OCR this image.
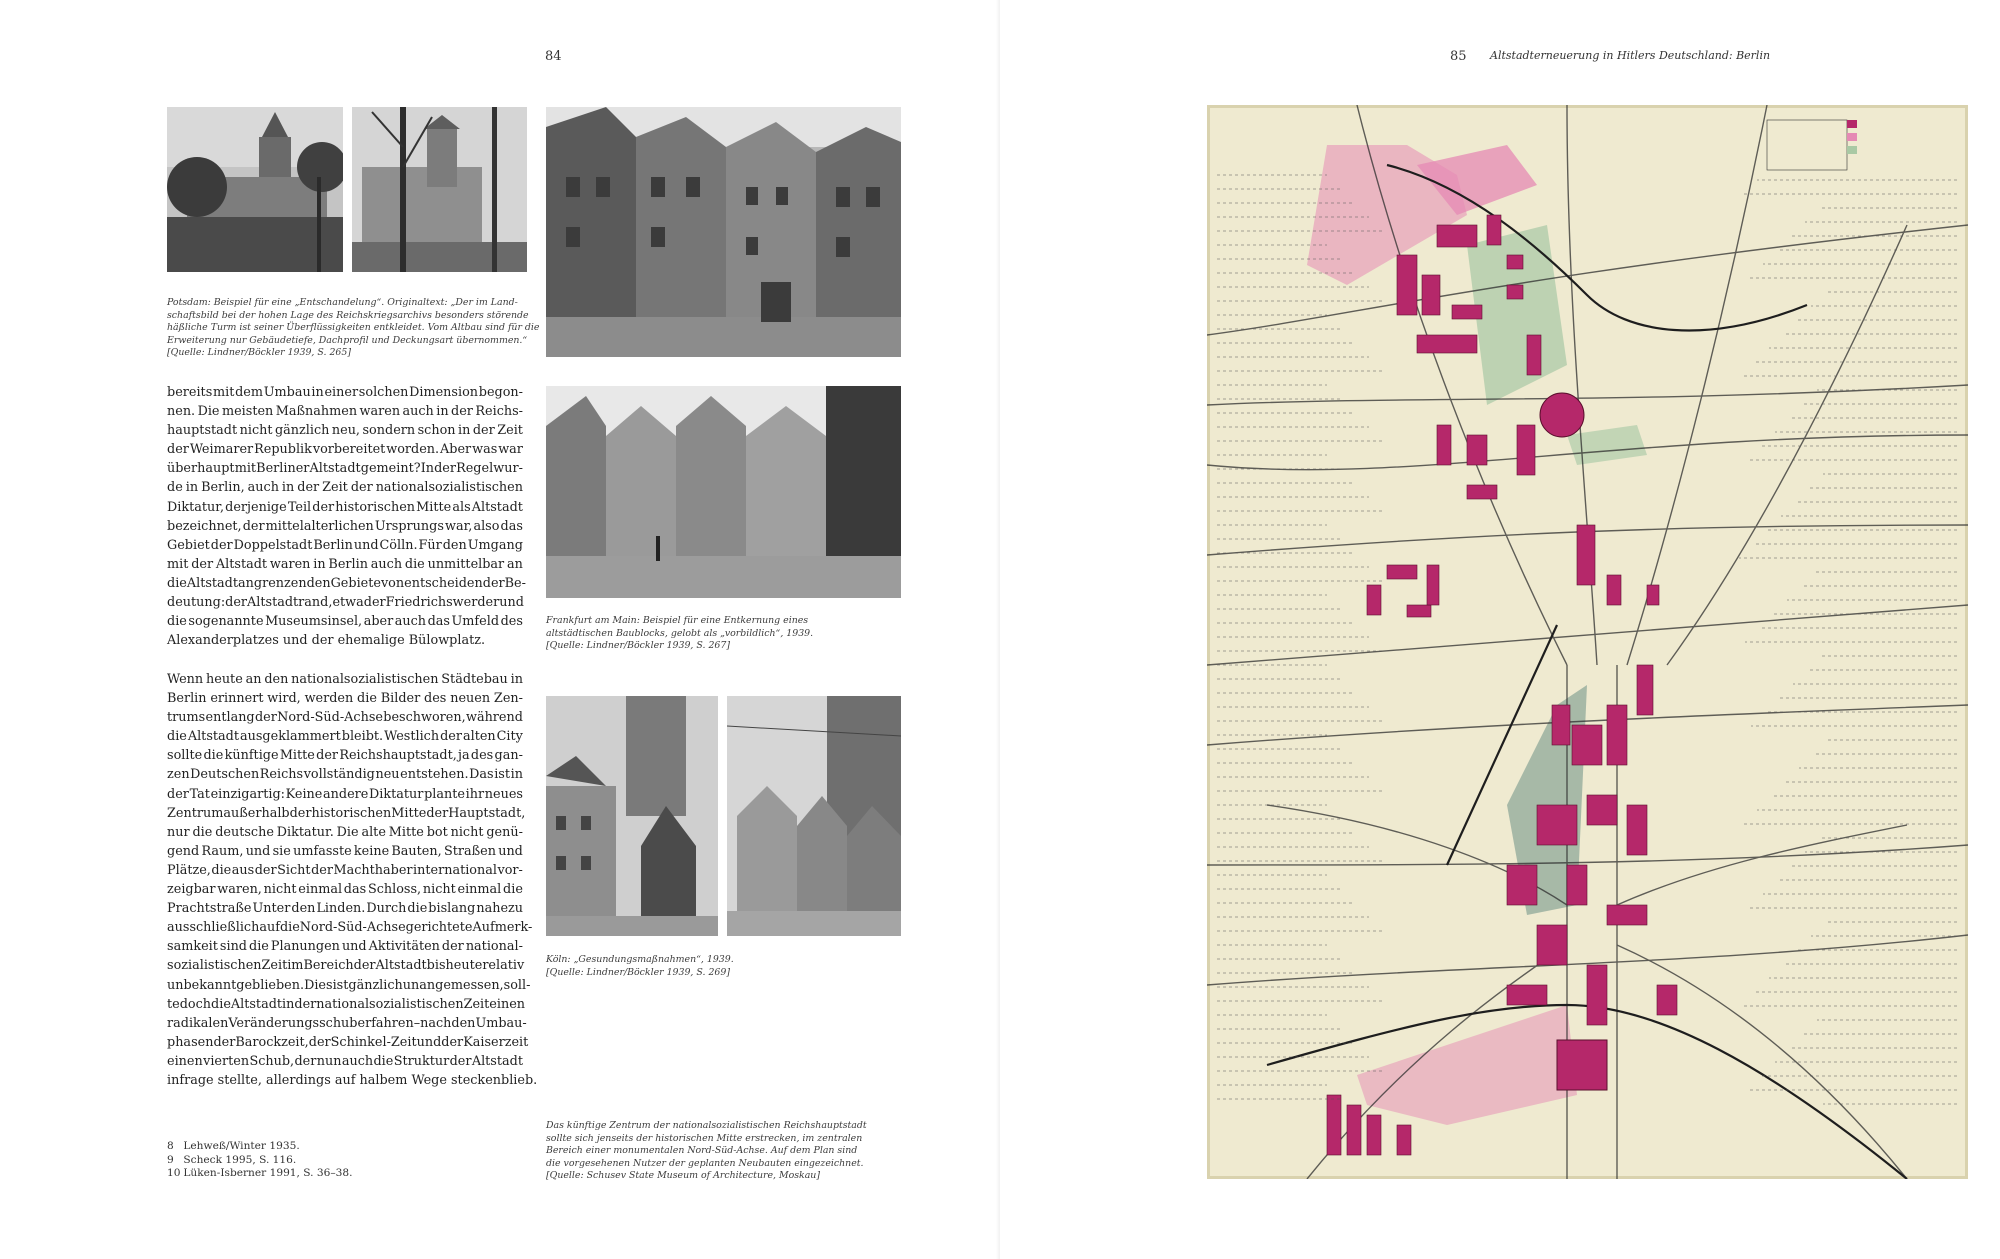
84
Potsdam: Beispiel für eine „Entschandelung“. Originaltext: „Der im Land-
schaftsbild bei der hohen Lage des Reichskriegsarchivs besonders störende
häßliche Turm ist seiner Überflüssigkeiten entkleidet. Vom Altbau sind für die
Erweiterung nur Gebäudetiefe, Dachprofil und Deckungsart übernommen.“
[Quelle: Lindner/Böckler 1939, S. 265]
Frankfurt am Main: Beispiel für eine Entkernung eines
altstädtischen Baublocks, gelobt als „vorbildlich“, 1939.
[Quelle: Lindner/Böckler 1939, S. 267]
Köln: „Gesundungsmaßnahmen“, 1939.
[Quelle: Lindner/Böckler 1939, S. 269]
Das künftige Zentrum der nationalsozialistischen Reichshauptstadt
sollte sich jenseits der historischen Mitte erstrecken, im zentralen
Bereich einer monumentalen Nord-Süd-Achse. Auf dem Plan sind
die vorgesehenen Nutzer der geplanten Neubauten eingezeichnet.
[Quelle: Schusev State Museum of Architecture, Moskau]
bereits mit dem Umbau in einer solchen Dimension begon-
nen. Die meisten Maßnahmen waren auch in der Reichs-
hauptstadt nicht gänzlich neu, sondern schon in der Zeit
der Weimarer Republik vorbereitet worden. Aber was war
überhaupt mit Berliner Altstadt gemeint? In der Regel wur-
de in Berlin, auch in der Zeit der nationalsozialistischen
Diktatur, derjenige Teil der historischen Mitte als Altstadt
bezeichnet, der mittelalterlichen Ursprungs war, also das
Gebiet der Doppelstadt Berlin und Cölln. Für den Umgang
mit der Altstadt waren in Berlin auch die unmittelbar an
die Altstadt angrenzenden Gebiete von entscheidender Be-
deutung: der Altstadtrand, etwa der Friedrichswerder und
die sogenannte Museumsinsel, aber auch das Umfeld des
Alexanderplatzes und der ehemalige Bülowplatz.
Wenn heute an den nationalsozialistischen Städtebau in
Berlin erinnert wird, werden die Bilder des neuen Zen-
trums entlang der Nord-Süd-Achse beschworen, während
die Altstadt ausgeklammert bleibt. Westlich der alten City
sollte die künftige Mitte der Reichshauptstadt, ja des gan-
zen Deutschen Reichs vollständig neu entstehen. Das ist in
der Tat einzigartig: Keine andere Diktatur plante ihr neues
Zentrum außerhalb der historischen Mitte der Hauptstadt,
nur die deutsche Diktatur. Die alte Mitte bot nicht genü-
gend Raum, und sie umfasste keine Bauten, Straßen und
Plätze, die aus der Sicht der Machthaber international vor-
zeigbar waren, nicht einmal das Schloss, nicht einmal die
Prachtstraße Unter den Linden. Durch die bislang nahezu
ausschließlich auf die Nord-Süd-Achse gerichtete Aufmerk-
samkeit sind die Planungen und Aktivitäten der national-
sozialistischen Zeit im Bereich der Altstadt bis heute relativ
unbekannt geblieben. Dies ist gänzlich unangemessen, soll-
te doch die Altstadt in der nationalsozialistischen Zeit einen
radikalen Veränderungsschub erfahren – nach den Umbau-
phasen der Barockzeit, der Schinkel-Zeit und der Kaiserzeit
einen vierten Schub, der nun auch die Struktur der Altstadt
infrage stellte, allerdings auf halbem Wege steckenblieb.
8 Lehweß/Winter 1935.
9 Scheck 1995, S. 116.
10 Lüken-Isberner 1991, S. 36–38.
85 Altstadterneuerung in Hitlers Deutschland: Berlin
